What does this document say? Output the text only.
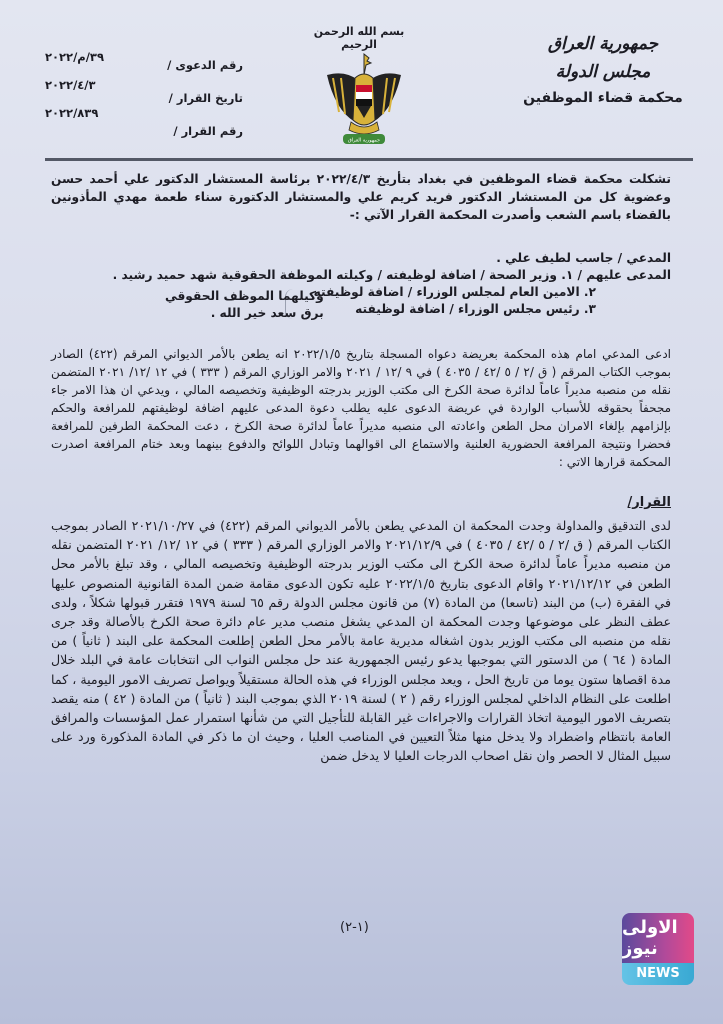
جمهورية العراق
مجلس الدولة
محكمة قضاء الموظفين
بسم الله الرحمن الرحيم
جمهورية العراق
رقم الدعوى /
تاريخ القرار /
رقم القرار /
٣٩/م/٢٠٢٢
٢٠٢٢/٤/٣
٢٠٢٢/٨٣٩
تشكلت محكمة قضاء الموظفين في بغداد بتأريخ ٢٠٢٢/٤/٣ برئاسة المستشار الدكتور علي أحمد حسن وعضوية كل من المستشار الدكتور فريد كريم علي والمستشار الدكتورة سناء طعمة مهدي المأذونين بالقضاء باسم الشعب وأصدرت المحكمة القرار الآتي :-
المدعي / جاسب لطيف علي .
المدعى عليهم / ١. وزير الصحة / اضافة لوظيفته / وكيلته الموظفة الحقوقية شهد حميد رشيد .
٢. الامين العام لمجلس الوزراء / اضافة لوظيفته
٣. رئيس مجلس الوزراء / اضافة لوظيفته
وكيلهما الموظف الحقوقي
برق سعد خير الله .
ادعى المدعي امام هذه المحكمة بعريضة دعواه المسجلة بتاريخ ٢٠٢٢/١/٥ انه يطعن بالأمر الديواني المرقم (٤٢٢) الصادر بموجب الكتاب المرقم ( ق /٢ / ٥ /٤٢ / ٤٠٣٥ ) في ٩ /١٢ / ٢٠٢١ والامر الوزاري المرقم ( ٣٣٣ ) في ١٢ /١٢/ ٢٠٢١ المتضمن نقله من منصبه مديراً عاماً لدائرة صحة الكرخ الى مكتب الوزير بدرجته الوظيفية وتخصيصه المالي ، ويدعي ان هذا الامر جاء مجحفاً بحقوقه للأسباب الواردة في عريضة الدعوى عليه يطلب دعوة المدعى عليهم اضافة لوظيفتهم للمرافعة والحكم بإلزامهم بإلغاء الامران محل الطعن واعادته الى منصبه مديراً عاماً لدائرة صحة الكرخ ، دعت المحكمة الطرفين للمرافعة فحضرا ونتيجة المرافعة الحضورية العلنية والاستماع الى اقوالهما وتبادل اللوائح والدفوع بينهما وبعد ختام المرافعة اصدرت المحكمة قرارها الاتي :
القرار/
لدى التدقيق والمداولة وجدت المحكمة ان المدعي يطعن بالأمر الديواني المرقم (٤٢٢) في ٢٠٢١/١٠/٢٧ الصادر بموجب الكتاب المرقم ( ق /٢ / ٥ /٤٢ / ٤٠٣٥ ) في ٢٠٢١/١٢/٩ والامر الوزاري المرقم ( ٣٣٣ ) في ١٢ /١٢/ ٢٠٢١ المتضمن نقله من منصبه مديراً عاماً لدائرة صحة الكرخ الى مكتب الوزير بدرجته الوظيفية وتخصيصه المالي ، وقد تبلغ بالأمر محل الطعن في ٢٠٢١/١٢/١٢ واقام الدعوى بتاريخ ٢٠٢٢/١/٥ عليه تكون الدعوى مقامة ضمن المدة القانونية المنصوص عليها في الفقرة (ب) من البند (تاسعا) من المادة (٧) من قانون مجلس الدولة رقم ٦٥ لسنة ١٩٧٩ فتقرر قبولها شكلاً ، ولدى عطف النظر على موضوعها وجدت المحكمة ان المدعي يشغل منصب مدير عام دائرة صحة الكرخ بالأصالة وقد جرى نقله من منصبه الى مكتب الوزير بدون اشغاله مديرية عامة بالأمر محل الطعن إطلعت المحكمة على البند ( ثانياً ) من المادة ( ٦٤ ) من الدستور التي بموجبها يدعو رئيس الجمهورية عند حل مجلس النواب الى انتخابات عامة في البلد خلال مدة اقصاها ستون يوما من تاريخ الحل ، ويعد مجلس الوزراء في هذه الحالة مستقيلاً ويواصل تصريف الامور اليومية ، كما اطلعت على النظام الداخلي لمجلس الوزراء رقم ( ٢ ) لسنة ٢٠١٩ الذي بموجب البند ( ثانياً ) من المادة ( ٤٢ ) منه يقصد بتصريف الامور اليومية اتخاذ القرارات والاجراءات غير القابلة للتأجيل التي من شأنها استمرار عمل المؤسسات والمرافق العامة بانتظام واضطراد ولا يدخل منها مثلاً التعيين في المناصب العليا ، وحيث ان ما ذكر في المادة المذكورة ورد على سبيل المثال لا الحصر وان نقل اصحاب الدرجات العليا لا يدخل ضمن
(١-٢)	الاولى نيوز
NEWS
